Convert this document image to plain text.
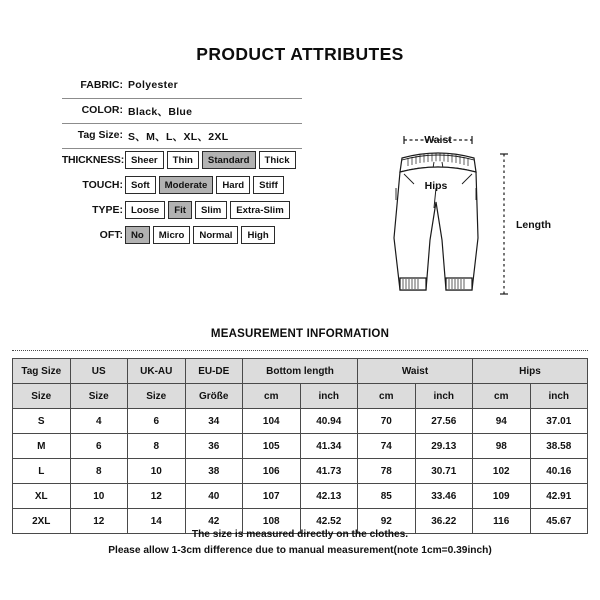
PRODUCT ATTRIBUTES
FABRIC: Polyester
COLOR: Black、Blue
Tag Size: S、M、L、XL、2XL
THICKNESS: Sheer	Thin	Standard	Thick
TOUCH: Soft	Moderate	Hard	Stiff
TYPE: Loose	Fit	Slim	Extra-Slim
OFT: No	Micro	Normal	High
Waist
Hips
Length
MEASUREMENT INFORMATION
Tag Size	US	UK-AU	EU-DE	Bottom length		Waist		Hips	
Size	Size	Size	Größe	cm	inch	cm	inch	cm	inch
S	4	6	34	104	40.94	70	27.56	94	37.01
M	6	8	36	105	41.34	74	29.13	98	38.58
L	8	10	38	106	41.73	78	30.71	102	40.16
XL	10	12	40	107	42.13	85	33.46	109	42.91
2XL	12	14	42	108	42.52	92	36.22	116	45.67
The size is measured directly on the clothes.
Please allow 1-3cm difference due to manual measurement(note 1cm=0.39inch)
